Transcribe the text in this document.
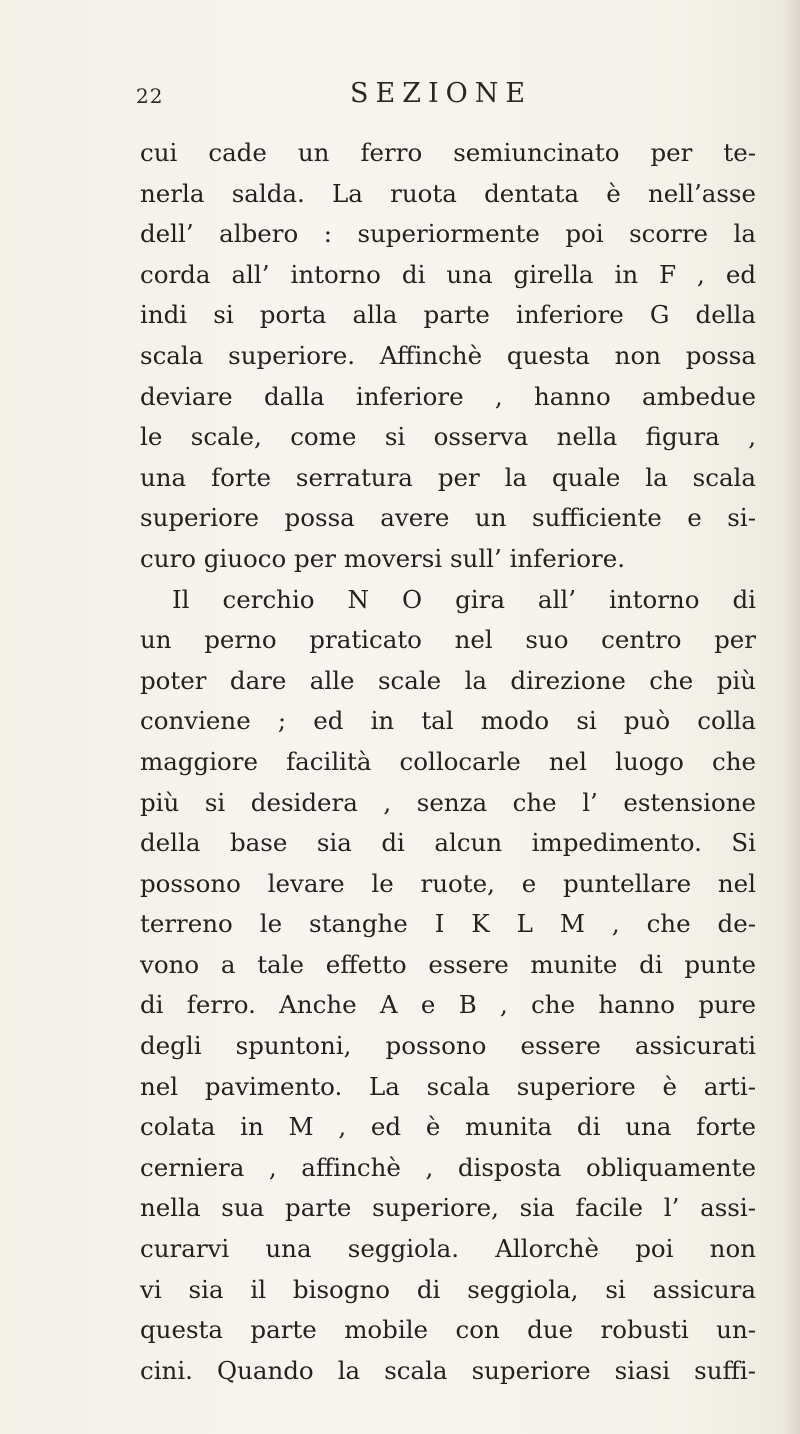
22	SEZIONE
cui cade un ferro semiuncinato per te-
nerla salda. La ruota dentata è nell’asse
dell’ albero : superiormente poi scorre la
corda all’ intorno di una girella in F , ed
indi si porta alla parte inferiore G della
scala superiore. Affinchè questa non possa
deviare dalla inferiore , hanno ambedue
le scale, come si osserva nella figura ,
una forte serratura per la quale la scala
superiore possa avere un sufficiente e si-
curo giuoco per moversi sull’ inferiore.
Il cerchio N O gira all’ intorno di
un perno praticato nel suo centro per
poter dare alle scale la direzione che più
conviene ; ed in tal modo si può colla
maggiore facilità collocarle nel luogo che
più si desidera , senza che l’ estensione
della base sia di alcun impedimento. Si
possono levare le ruote, e puntellare nel
terreno le stanghe I K L M , che de-
vono a tale effetto essere munite di punte
di ferro. Anche A e B , che hanno pure
degli spuntoni, possono essere assicurati
nel pavimento. La scala superiore è arti-
colata in M , ed è munita di una forte
cerniera , affinchè , disposta obliquamente
nella sua parte superiore, sia facile l’ assi-
curarvi una seggiola. Allorchè poi non
vi sia il bisogno di seggiola, si assicura
questa parte mobile con due robusti un-
cini. Quando la scala superiore siasi suffi-
